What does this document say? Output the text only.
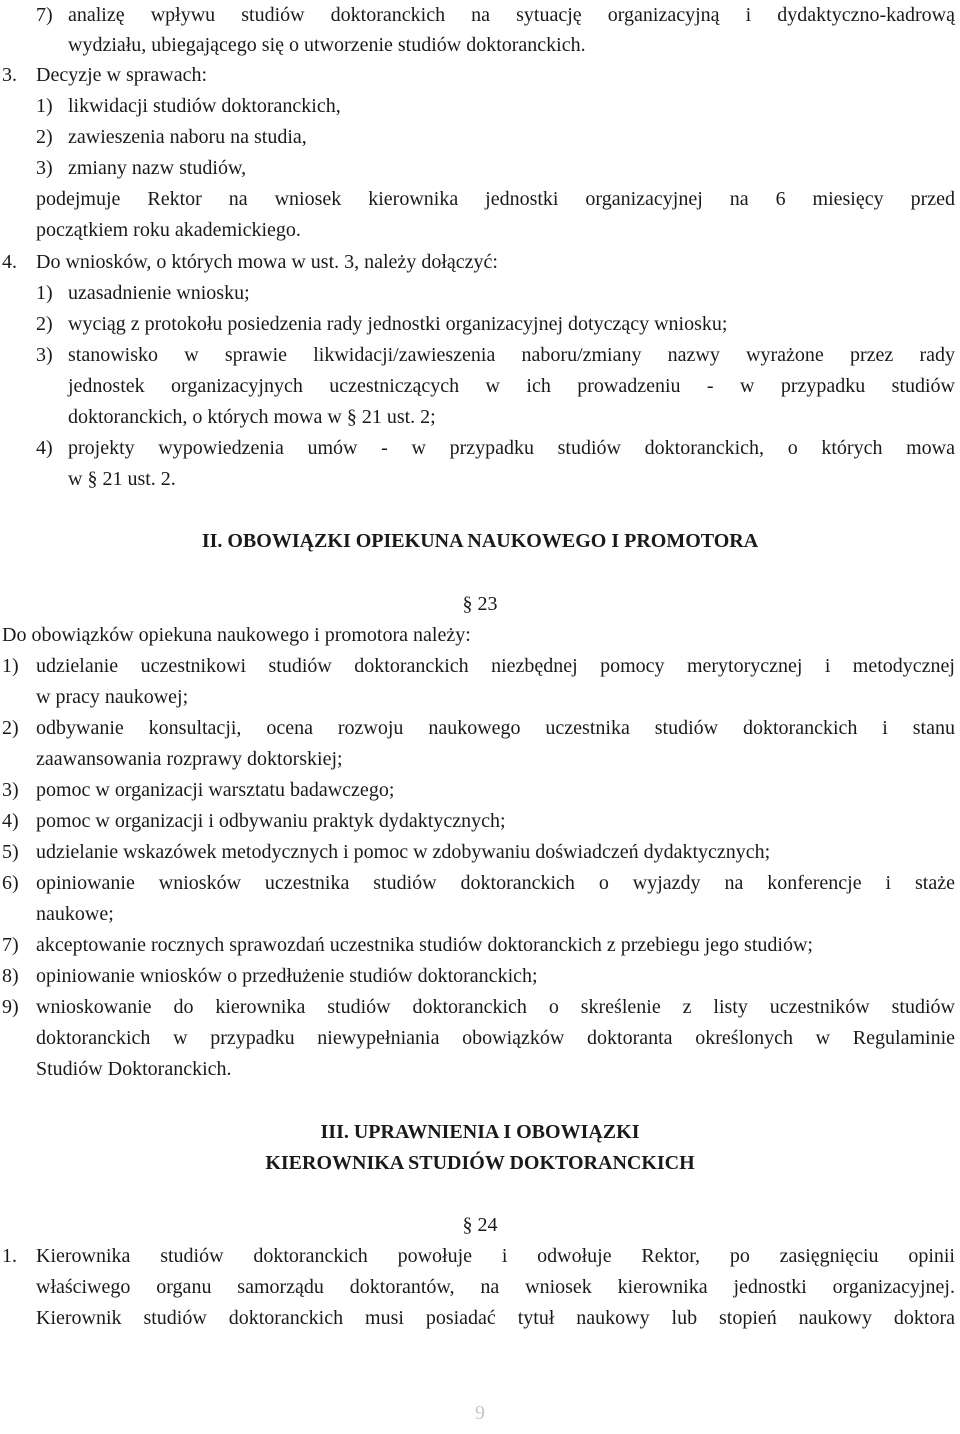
7) analizę wpływu studiów doktoranckich na sytuację organizacyjną i dydaktyczno-kadrową
wydziału, ubiegającego się o utworzenie studiów doktoranckich.
3. Decyzje w sprawach:
1) likwidacji studiów doktoranckich,
2) zawieszenia naboru na studia,
3) zmiany nazw studiów,
podejmuje Rektor na wniosek kierownika jednostki organizacyjnej na 6 miesięcy przed
początkiem roku akademickiego.
4. Do wniosków, o których mowa w ust. 3, należy dołączyć:
1) uzasadnienie wniosku;
2) wyciąg z protokołu posiedzenia rady jednostki organizacyjnej dotyczący wniosku;
3) stanowisko w sprawie likwidacji/zawieszenia naboru/zmiany nazwy wyrażone przez rady
jednostek organizacyjnych uczestniczących w ich prowadzeniu - w przypadku studiów
doktoranckich, o których mowa w § 21 ust. 2;
4) projekty wypowiedzenia umów - w przypadku studiów doktoranckich, o których mowa
w § 21 ust. 2.
II. OBOWIĄZKI OPIEKUNA NAUKOWEGO I PROMOTORA
§ 23
Do obowiązków opiekuna naukowego i promotora należy:
1) udzielanie uczestnikowi studiów doktoranckich niezbędnej pomocy merytorycznej i metodycznej
w pracy naukowej;
2) odbywanie konsultacji, ocena rozwoju naukowego uczestnika studiów doktoranckich i stanu
zaawansowania rozprawy doktorskiej;
3) pomoc w organizacji warsztatu badawczego;
4) pomoc w organizacji i odbywaniu praktyk dydaktycznych;
5) udzielanie wskazówek metodycznych i pomoc w zdobywaniu doświadczeń dydaktycznych;
6) opiniowanie wniosków uczestnika studiów doktoranckich o wyjazdy na konferencje i staże
naukowe;
7) akceptowanie rocznych sprawozdań uczestnika studiów doktoranckich z przebiegu jego studiów;
8) opiniowanie wniosków o przedłużenie studiów doktoranckich;
9) wnioskowanie do kierownika studiów doktoranckich o skreślenie z listy uczestników studiów
doktoranckich w przypadku niewypełniania obowiązków doktoranta określonych w Regulaminie
Studiów Doktoranckich.
III. UPRAWNIENIA I OBOWIĄZKI
KIEROWNIKA STUDIÓW DOKTORANCKICH
§ 24
1. Kierownika studiów doktoranckich powołuje i odwołuje Rektor, po zasięgnięciu opinii
właściwego organu samorządu doktorantów, na wniosek kierownika jednostki organizacyjnej.
Kierownik studiów doktoranckich musi posiadać tytuł naukowy lub stopień naukowy doktora
9
